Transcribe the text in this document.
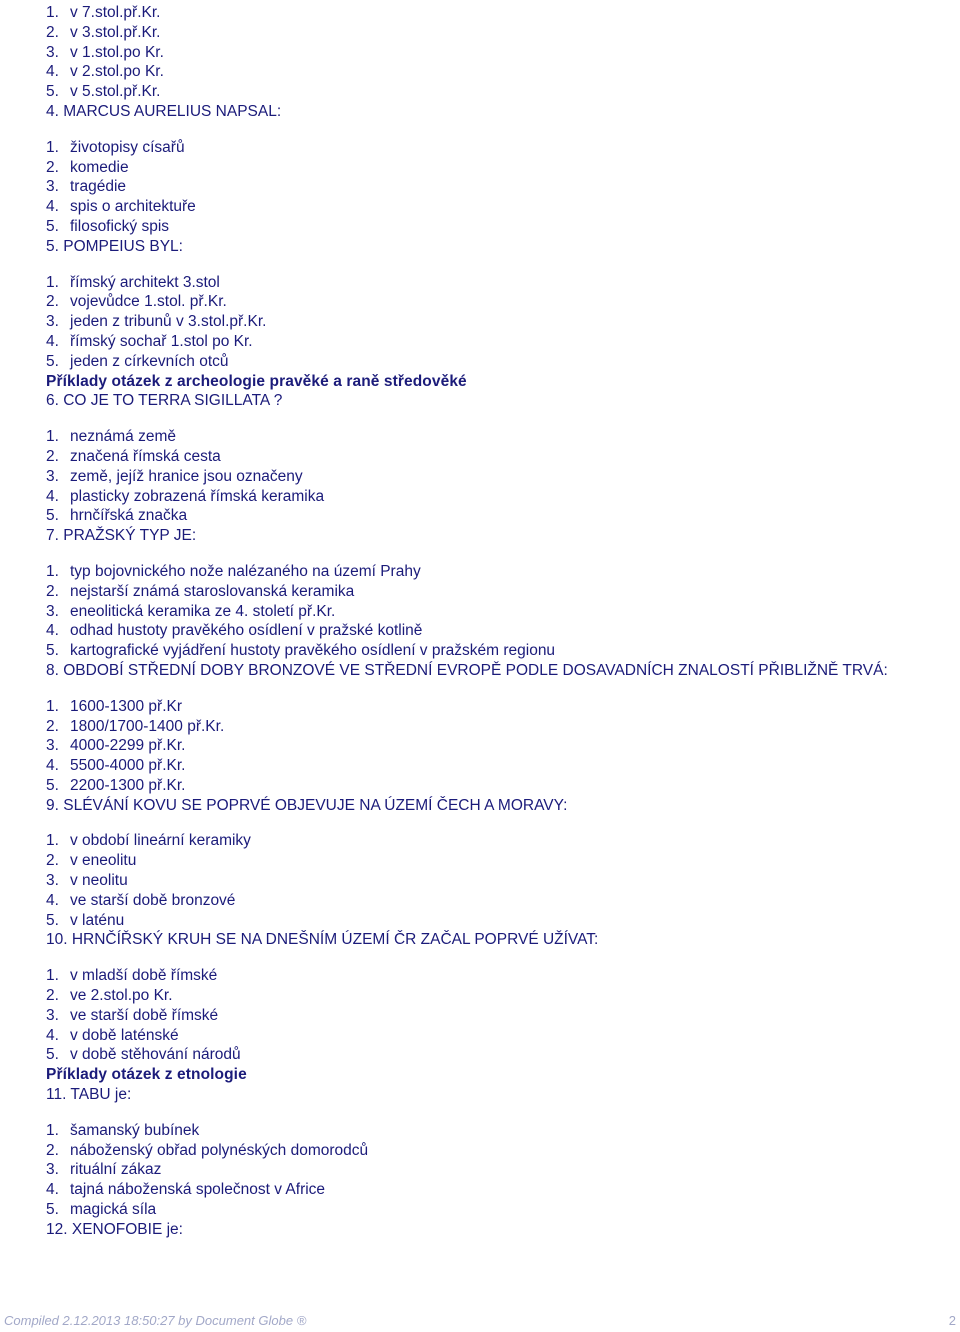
1. v 7.stol.př.Kr.
2. v 3.stol.př.Kr.
3. v 1.stol.po Kr.
4. v 2.stol.po Kr.
5. v 5.stol.př.Kr.
4. MARCUS AURELIUS NAPSAL:
1. životopisy císařů
2. komedie
3. tragédie
4. spis o architektuře
5. filosofický spis
5. POMPEIUS BYL:
1. římský architekt 3.stol
2. vojevůdce 1.stol. př.Kr.
3. jeden z tribunů v 3.stol.př.Kr.
4. římský sochař 1.stol po Kr.
5. jeden z církevních otců
Příklady otázek z archeologie pravěké a raně středověké
6. CO JE TO TERRA SIGILLATA ?
1. neznámá země
2. značená římská cesta
3. země, jejíž hranice jsou označeny
4. plasticky zobrazená římská keramika
5. hrnčířská značka
7. PRAŽSKÝ TYP JE:
1. typ bojovnického nože nalézaného na území Prahy
2. nejstarší známá staroslovanská keramika
3. eneolitická keramika ze 4. století př.Kr.
4. odhad hustoty pravěkého osídlení v pražské kotlině
5. kartografické vyjádření hustoty pravěkého osídlení v pražském regionu
8. OBDOBÍ STŘEDNÍ DOBY BRONZOVÉ VE STŘEDNÍ EVROPĚ PODLE DOSAVADNÍCH ZNALOSTÍ PŘIBLIŽNĚ TRVÁ:
1. 1600-1300 př.Kr
2. 1800/1700-1400 př.Kr.
3. 4000-2299 př.Kr.
4. 5500-4000 př.Kr.
5. 2200-1300 př.Kr.
9. SLÉVÁNÍ KOVU SE POPRVÉ OBJEVUJE NA ÚZEMÍ ČECH A MORAVY:
1. v období lineární keramiky
2. v eneolitu
3. v neolitu
4. ve starší době bronzové
5. v laténu
10. HRNČÍŘSKÝ KRUH SE NA DNEŠNÍM ÚZEMÍ ČR ZAČAL POPRVÉ UŽÍVAT:
1. v mladší době římské
2. ve 2.stol.po Kr.
3. ve starší době římské
4. v době laténské
5. v době stěhování národů
Příklady otázek z etnologie
11. TABU je:
1. šamanský bubínek
2. náboženský obřad polynéských domorodců
3. rituální zákaz
4. tajná náboženská společnost v Africe
5. magická síla
12. XENOFOBIE je:
Compiled 2.12.2013 18:50:27 by Document Globe ®	2
